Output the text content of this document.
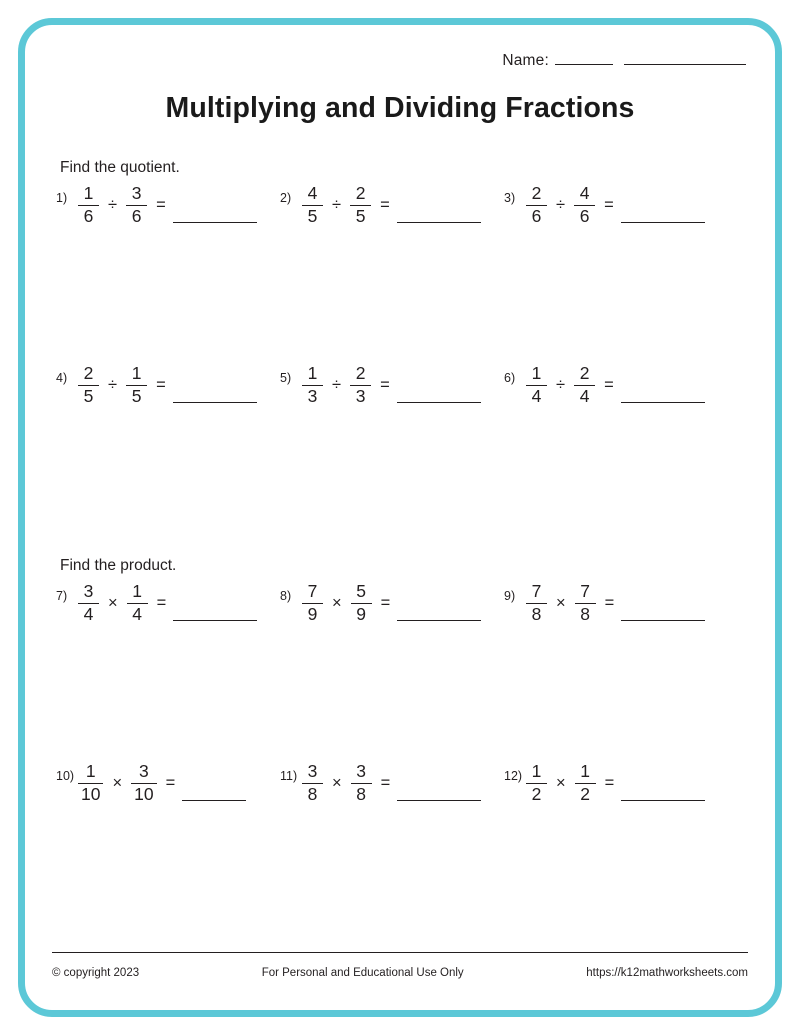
Name:
Multiplying and Dividing Fractions
Find the quotient.
$1) \frac{1}{6} \div \frac{3}{6}$ =	$2) \frac{4}{5} \div \frac{2}{5}$ =	$3) \frac{2}{6} \div \frac{4}{6}$ =
$4) \frac{2}{5} \div \frac{1}{5}$ =	$5) \frac{1}{3} \div \frac{2}{3}$ =	$6) \frac{1}{4} \div \frac{2}{4}$ =
Find the product.
$7) \frac{3}{4} \times \frac{1}{4}$ =	$8) \frac{7}{9} \times \frac{5}{9}$ =	$9) \frac{7}{8} \times \frac{7}{8}$ =
$10) \frac{1}{10} \times \frac{3}{10}$ =	$11) \frac{3}{8} \times \frac{3}{8}$ =	$12) \frac{1}{2} \times \frac{1}{2}$ =
© copyright 2023	For Personal and Educational Use Only	https://k12mathworksheets.com
